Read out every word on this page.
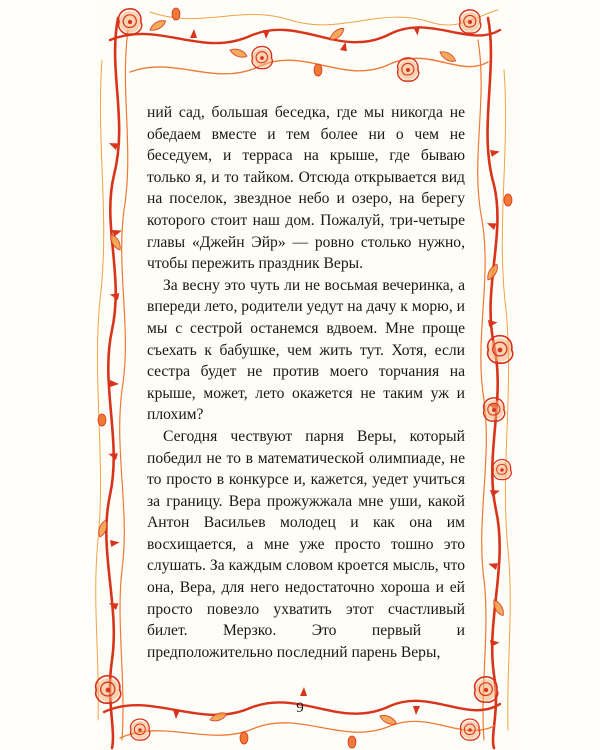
ний сад, большая беседка, где мы никогда не обедаем вместе и тем более ни о чем не беседуем, и терраса на крыше, где бываю только я, и то тайком. Отсюда открывается вид на поселок, звездное небо и озеро, на берегу которого стоит наш дом. Пожалуй, три-четыре главы «Джейн Эйр» — ровно столько нужно, чтобы пережить праздник Веры.

За весну это чуть ли не восьмая вечеринка, а впереди лето, родители уедут на дачу к морю, и мы с сестрой останемся вдвоем. Мне проще съехать к бабушке, чем жить тут. Хотя, если сестра будет не против моего торчания на крыше, может, лето окажется не таким уж и плохим?

Сегодня чествуют парня Веры, который победил не то в математической олимпиаде, не то просто в конкурсе и, кажется, уедет учиться за границу. Вера прожужжала мне уши, какой Антон Васильев молодец и как она им восхищается, а мне уже просто тошно это слушать. За каждым словом кроется мысль, что она, Вера, для него недостаточно хороша и ей просто повезло ухватить этот счастливый билет. Мерзко. Это первый и предположительно последний парень Веры,

9
